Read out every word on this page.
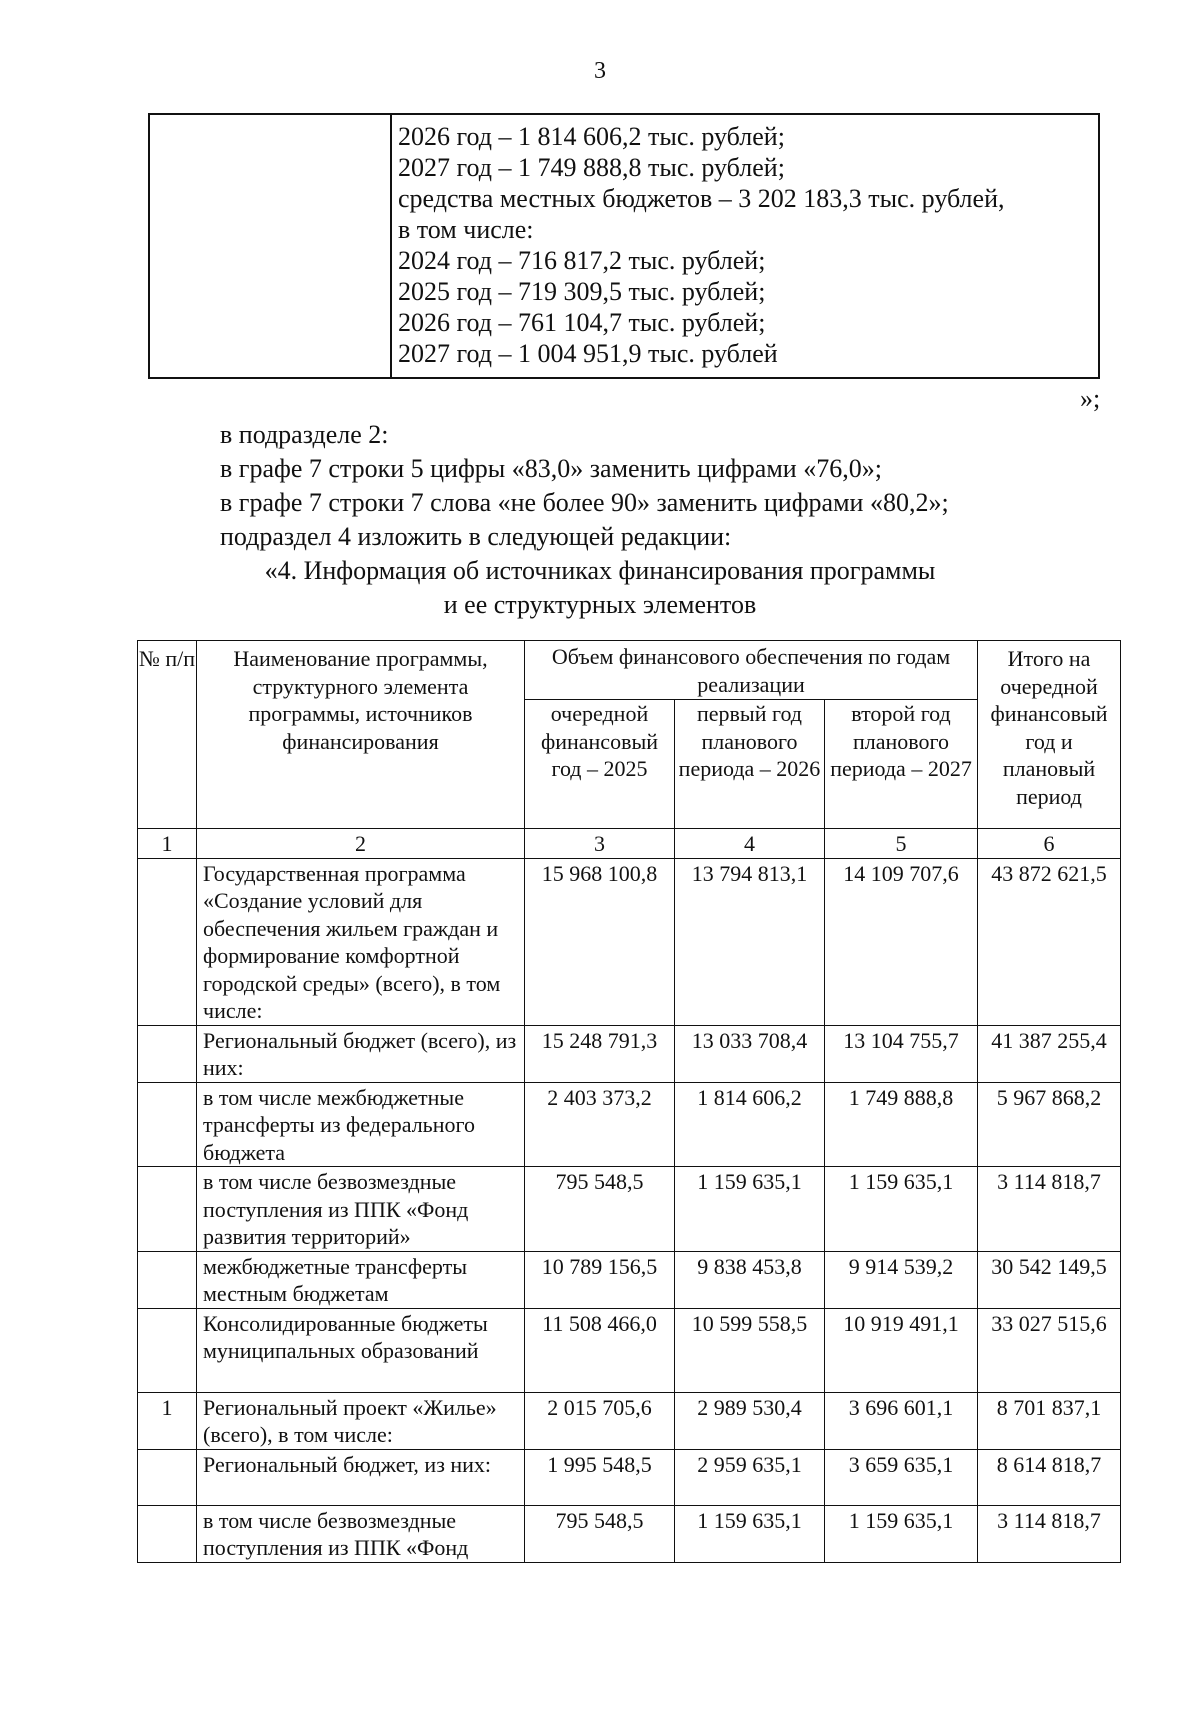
3
2026 год – 1 814 606,2 тыс. рублей;
2027 год – 1 749 888,8 тыс. рублей;
средства местных бюджетов – 3 202 183,3 тыс. рублей,
в том числе:
2024 год – 716 817,2 тыс. рублей;
2025 год – 719 309,5 тыс. рублей;
2026 год – 761 104,7 тыс. рублей;
2027 год – 1 004 951,9 тыс. рублей
»;
в подразделе 2:
в графе 7 строки 5 цифры «83,0» заменить цифрами «76,0»;
в графе 7 строки 7 слова «не более 90» заменить цифрами «80,2»;
подраздел 4 изложить в следующей редакции:
«4. Информация об источниках финансирования программы
и ее структурных элементов
№ п/п	Наименование программы, структурного элемента программы, источников финансирования	Объем финансового обеспечения по годам реализации			Итого на очередной финансовый год и плановый период
		очередной финансовый год – 2025	первый год планового периода – 2026	второй год планового периода – 2027	
1	2	3	4	5	6
	Государственная программа «Создание условий для обеспечения жильем граждан и формирование комфортной городской среды» (всего), в том числе:	15 968 100,8	13 794 813,1	14 109 707,6	43 872 621,5
	Региональный бюджет (всего), из них:	15 248 791,3	13 033 708,4	13 104 755,7	41 387 255,4
	в том числе межбюджетные трансферты из федерального бюджета	2 403 373,2	1 814 606,2	1 749 888,8	5 967 868,2
	в том числе безвозмездные поступления из ППК «Фонд развития территорий»	795 548,5	1 159 635,1	1 159 635,1	3 114 818,7
	межбюджетные трансферты местным бюджетам	10 789 156,5	9 838 453,8	9 914 539,2	30 542 149,5
	Консолидированные бюджеты муниципальных образований	11 508 466,0	10 599 558,5	10 919 491,1	33 027 515,6
1	Региональный проект «Жилье» (всего), в том числе:	2 015 705,6	2 989 530,4	3 696 601,1	8 701 837,1
	Региональный бюджет, из них:	1 995 548,5	2 959 635,1	3 659 635,1	8 614 818,7
	в том числе безвозмездные поступления из ППК «Фонд	795 548,5	1 159 635,1	1 159 635,1	3 114 818,7
